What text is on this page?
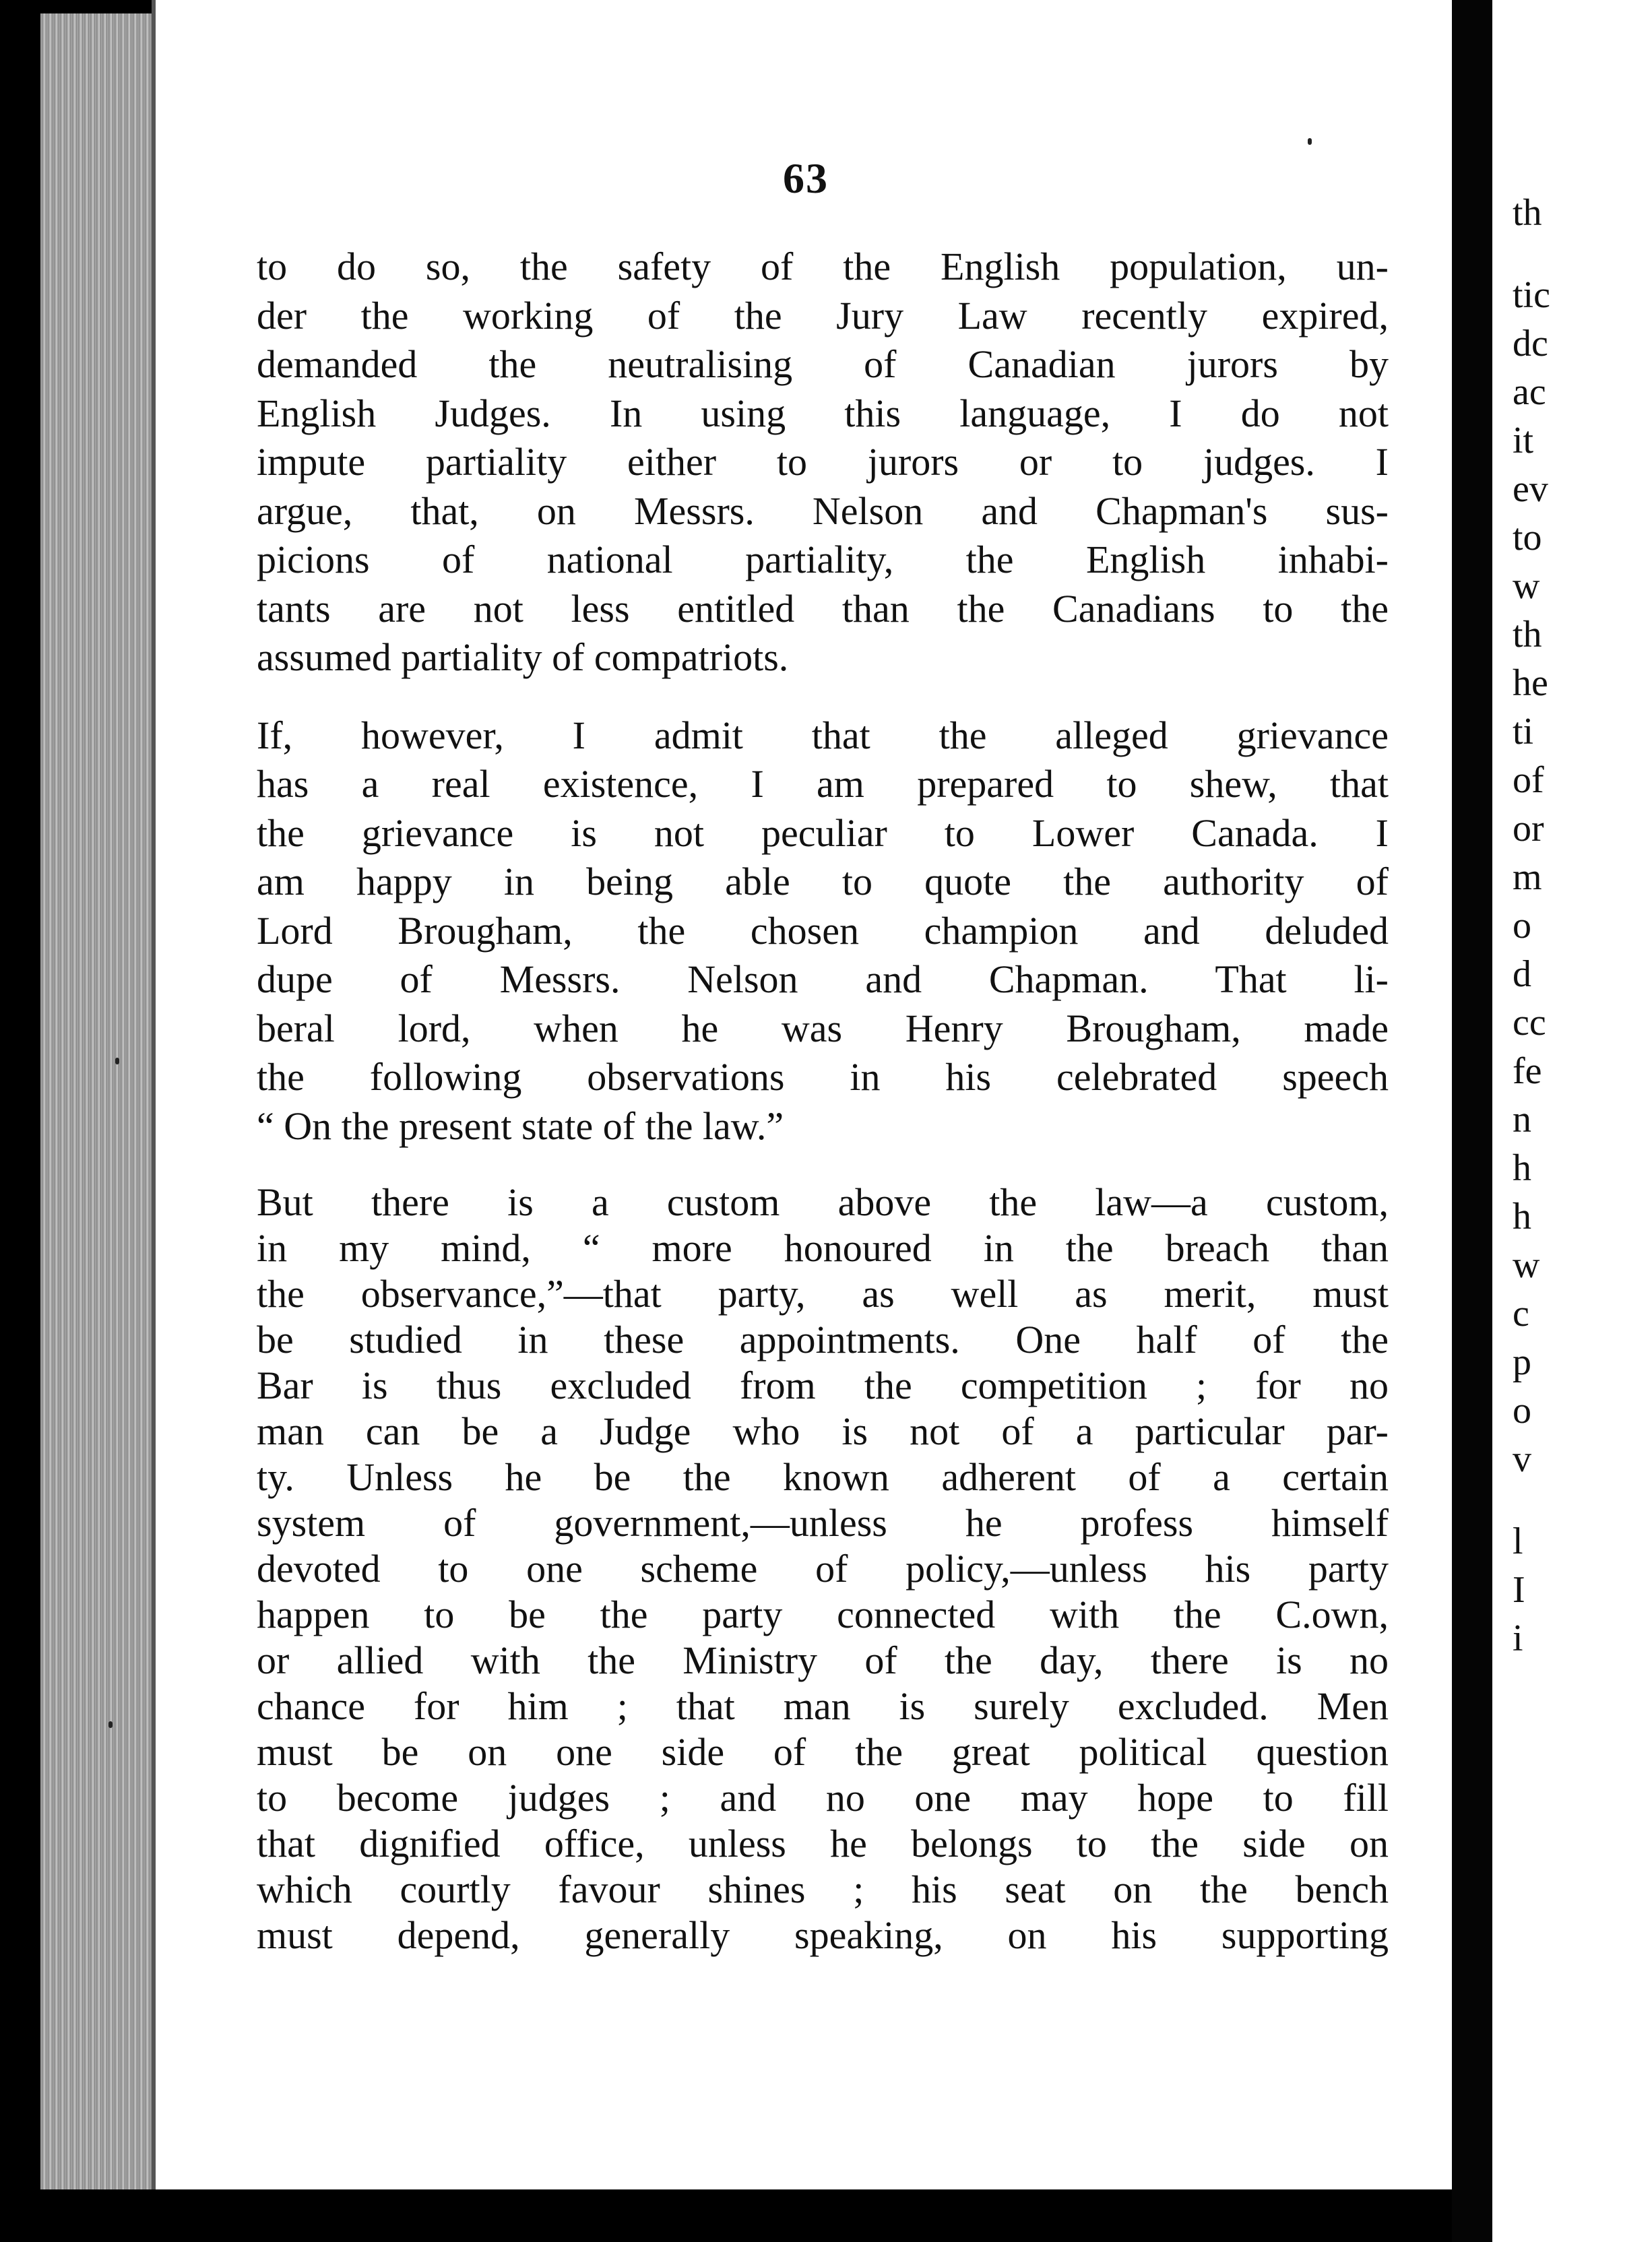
63

to do so, the safety of the English population, un-
der the working of the Jury Law recently expired,
demanded the neutralising of Canadian jurors by
English Judges. In using this language, I do not
impute partiality either to jurors or to judges. I
argue, that, on Messrs. Nelson and Chapman's sus-
picions of national partiality, the English inhabi-
tants are not less entitled than the Canadians to the
assumed partiality of compatriots.

If, however, I admit that the alleged grievance
has a real existence, I am prepared to shew, that
the grievance is not peculiar to Lower Canada. I
am happy in being able to quote the authority of
Lord Brougham, the chosen champion and deluded
dupe of Messrs. Nelson and Chapman. That li-
beral lord, when he was Henry Brougham, made
the following observations in his celebrated speech
“ On the present state of the law.”

But there is a custom above the law—a custom,
in my mind, “ more honoured in the breach than
the observance,”—that party, as well as merit, must
be studied in these appointments. One half of the
Bar is thus excluded from the competition ; for no
man can be a Judge who is not of a particular par-
ty. Unless he be the known adherent of a certain
system of government,—unless he profess himself
devoted to one scheme of policy,—unless his party
happen to be the party connected with the C.own,
or allied with the Ministry of the day, there is no
chance for him ; that man is surely excluded. Men
must be on one side of the great political question
to become judges ; and no one may hope to fill
that dignified office, unless he belongs to the side on
which courtly favour shines ; his seat on the bench
must depend, generally speaking, on his supporting

th
tic
dc
ac
it
ev
to
w
th
he
ti
of
or
m
o
d
cc
fe
n
h
h
w
c
p
o
v
l
I
i
